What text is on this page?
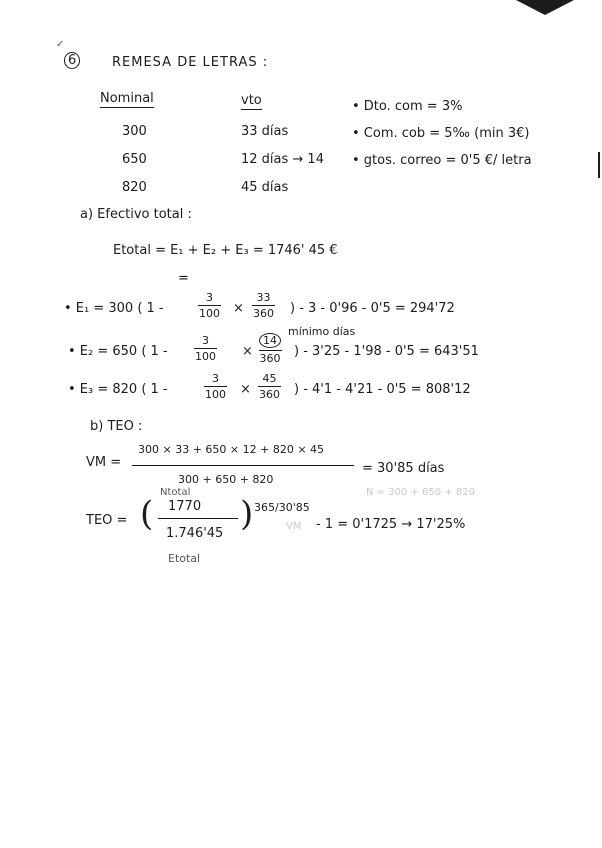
✓
6	REMESA DE LETRAS :
Nominal	vto
300	33 días
650	12 días → 14
820	45 días
• Dto. com = 3%
• Com. cob = 5‰ (min 3€)
• gtos. correo = 0'5 €/ letra
a) Efectivo total :
Etotal = E₁ + E₂ + E₃ = 1746' 45 €
=
• E₁ = 300 ( 1 -	$\frac{3}{100} \times \frac{33}{360}$ ) - 3 - 0'96 - 0'5 = 294'72
mínimo días
• E₂ = 650 ( $1 - \frac{3}{100} \times \frac{14}{360}$ ) - 3'25 - 1'98 - 0'5 = 643'51
• E₃ = 820 ( 1 -	$\frac{3}{100} \times \frac{45}{360}$ ) - 4'1 - 4'21 - 0'5 = 808'12
b) TEO :
VM =
300 × 33 + 650 × 12 + 820 × 45
300 + 650 + 820
= 30'85 días
N = 300 + 650 + 820
Ntotal
TEO = ( 1770
1.746'45 ) 365/30'85
VM - 1 = 0'1725 → 17'25%
Etotal
